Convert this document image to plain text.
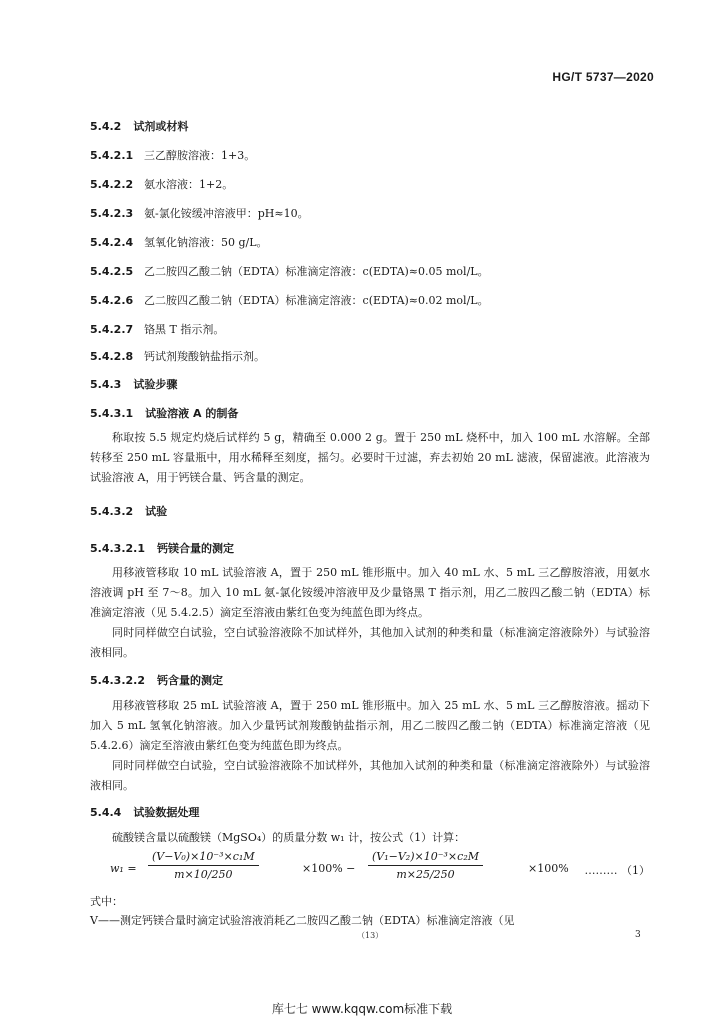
HG/T 5737—2020
5.4.2 试剂或材料
5.4.2.1 三乙醇胺溶液：1+3。
5.4.2.2 氨水溶液：1+2。
5.4.2.3 氨-氯化铵缓冲溶液甲：pH≈10。
5.4.2.4 氢氧化钠溶液：50 g/L。
5.4.2.5 乙二胺四乙酸二钠（EDTA）标准滴定溶液：c(EDTA)≈0.05 mol/L。
5.4.2.6 乙二胺四乙酸二钠（EDTA）标准滴定溶液：c(EDTA)≈0.02 mol/L。
5.4.2.7 铬黑 T 指示剂。
5.4.2.8 钙试剂羧酸钠盐指示剂。
5.4.3 试验步骤
5.4.3.1 试验溶液 A 的制备
称取按 5.5 规定灼烧后试样约 5 g，精确至 0.000 2 g。置于 250 mL 烧杯中，加入 100 mL 水溶解。全部转移至 250 mL 容量瓶中，用水稀释至刻度，摇匀。必要时干过滤，弃去初始 20 mL 滤液，保留滤液。此溶液为试验溶液 A，用于钙镁合量、钙含量的测定。
5.4.3.2 试验
5.4.3.2.1 钙镁合量的测定
用移液管移取 10 mL 试验溶液 A，置于 250 mL 锥形瓶中。加入 40 mL 水、5 mL 三乙醇胺溶液，用氨水溶液调 pH 至 7～8。加入 10 mL 氨-氯化铵缓冲溶液甲及少量铬黑 T 指示剂，用乙二胺四乙酸二钠（EDTA）标准滴定溶液（见 5.4.2.5）滴定至溶液由紫红色变为纯蓝色即为终点。
同时同样做空白试验，空白试验溶液除不加试样外，其他加入试剂的种类和量（标准滴定溶液除外）与试验溶液相同。
5.4.3.2.2 钙含量的测定
用移液管移取 25 mL 试验溶液 A，置于 250 mL 锥形瓶中。加入 25 mL 水、5 mL 三乙醇胺溶液。摇动下加入 5 mL 氢氧化钠溶液。加入少量钙试剂羧酸钠盐指示剂，用乙二胺四乙酸二钠（EDTA）标准滴定溶液（见 5.4.2.6）滴定至溶液由紫红色变为纯蓝色即为终点。
同时同样做空白试验，空白试验溶液除不加试样外，其他加入试剂的种类和量（标准滴定溶液除外）与试验溶液相同。
5.4.4 试验数据处理
硫酸镁含量以硫酸镁（MgSO₄）的质量分数 w₁ 计，按公式（1）计算：
$w_1 = \frac{\text{(V−V₀)×10⁻³×c₁M}}{m\times 10/250}$	$\times 100\% - \frac{\text{(V₁−V₂)×10⁻³×c₂M}}{m\times 25/250}$	×100% ……… （1）
式中：
V——测定钙镁合量时滴定试验溶液消耗乙二胺四乙酸二钠（EDTA）标准滴定溶液（见
（13）	3
库七七 www.kqqw.com标准下载
